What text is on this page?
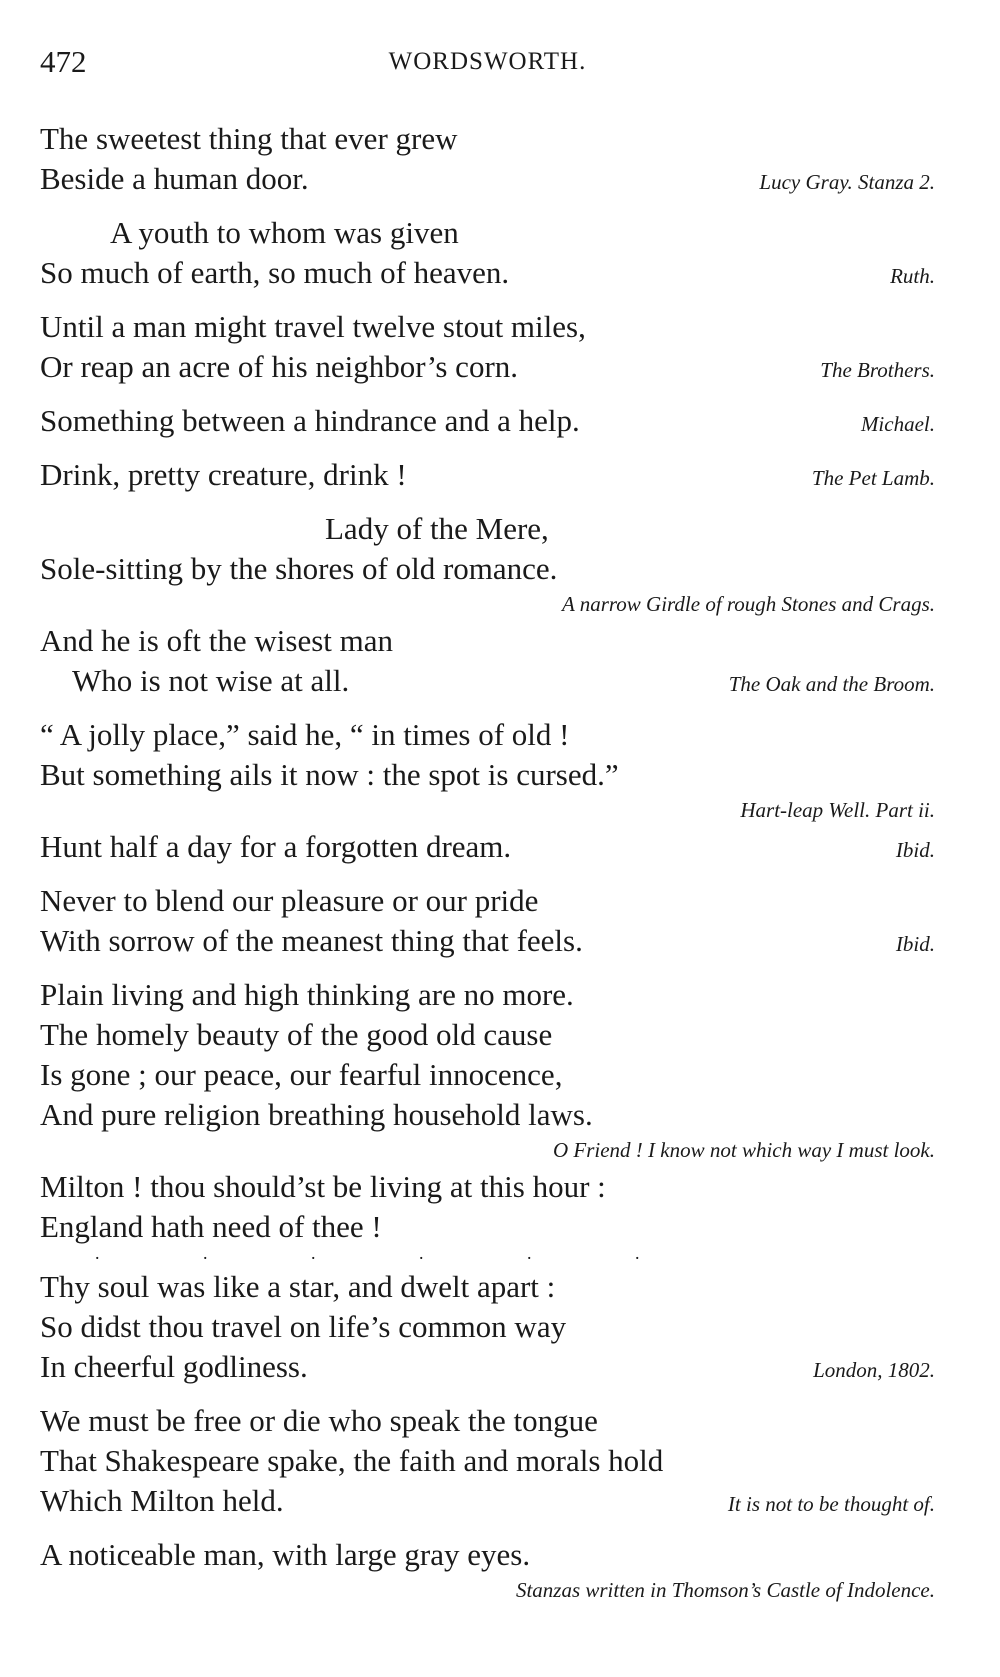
472	WORDSWORTH.
The sweetest thing that ever grew
Beside a human door.	Lucy Gray. Stanza 2.
A youth to whom was given
So much of earth, so much of heaven.	Ruth.
Until a man might travel twelve stout miles,
Or reap an acre of his neighbor’s corn.	The Brothers.
Something between a hindrance and a help.	Michael.
Drink, pretty creature, drink !	The Pet Lamb.
Lady of the Mere,
Sole-sitting by the shores of old romance.
A narrow Girdle of rough Stones and Crags.
And he is oft the wisest man
Who is not wise at all.	The Oak and the Broom.
“ A jolly place,” said he, “ in times of old !
But something ails it now : the spot is cursed.”
Hart-leap Well. Part ii.
Hunt half a day for a forgotten dream.	Ibid.
Never to blend our pleasure or our pride
With sorrow of the meanest thing that feels.	Ibid.
Plain living and high thinking are no more.
The homely beauty of the good old cause
Is gone ; our peace, our fearful innocence,
And pure religion breathing household laws.
O Friend ! I know not which way I must look.
Milton ! thou should’st be living at this hour :
England hath need of thee !
.	.	.	.	.	.
Thy soul was like a star, and dwelt apart :
So didst thou travel on life’s common way
In cheerful godliness.	London, 1802.
We must be free or die who speak the tongue
That Shakespeare spake, the faith and morals hold
Which Milton held.	It is not to be thought of.
A noticeable man, with large gray eyes.
Stanzas written in Thomson’s Castle of Indolence.
